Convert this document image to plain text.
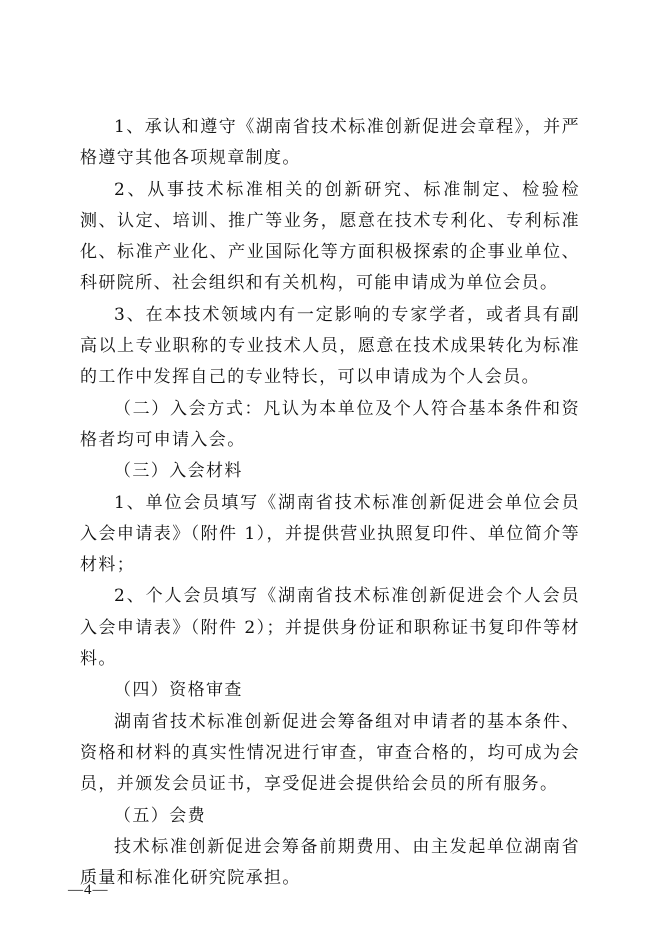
1、承认和遵守《湖南省技术标准创新促进会章程》，并严格遵守其他各项规章制度。

2、从事技术标准相关的创新研究、标准制定、检验检测、认定、培训、推广等业务，愿意在技术专利化、专利标准化、标准产业化、产业国际化等方面积极探索的企事业单位、科研院所、社会组织和有关机构，可能申请成为单位会员。

3、在本技术领域内有一定影响的专家学者，或者具有副高以上专业职称的专业技术人员，愿意在技术成果转化为标准的工作中发挥自己的专业特长，可以申请成为个人会员。

（二）入会方式：凡认为本单位及个人符合基本条件和资格者均可申请入会。

（三）入会材料

1、单位会员填写《湖南省技术标准创新促进会单位会员入会申请表》（附件 1），并提供营业执照复印件、单位简介等材料；

2、个人会员填写《湖南省技术标准创新促进会个人会员入会申请表》（附件 2）；并提供身份证和职称证书复印件等材料。

（四）资格审查

湖南省技术标准创新促进会筹备组对申请者的基本条件、资格和材料的真实性情况进行审查，审查合格的，均可成为会员，并颁发会员证书，享受促进会提供给会员的所有服务。

（五）会费

技术标准创新促进会筹备前期费用、由主发起单位湖南省质量和标准化研究院承担。

—4—
